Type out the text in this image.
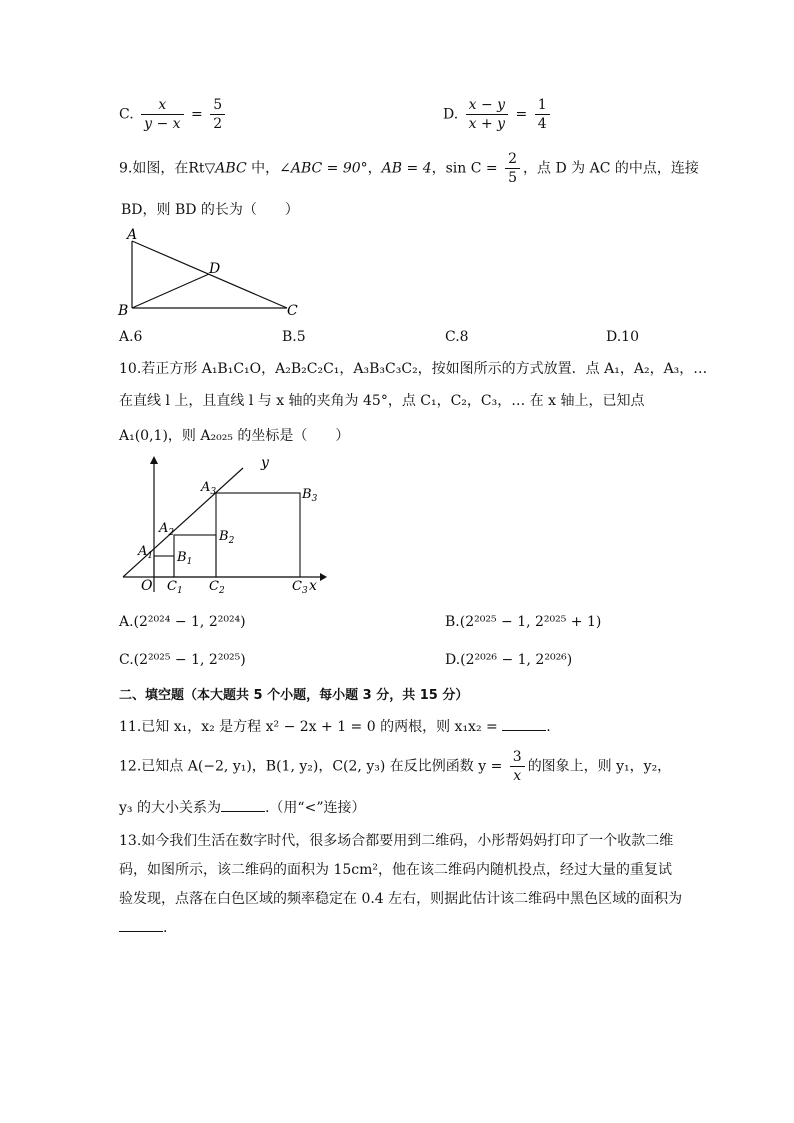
C. $\frac{x}{y - x} = \frac{5}{2}$	D. $\frac{x - y}{x + y} = \frac{1}{4}$
9.如图，在Rt▽ABC 中，∠ABC = 90°，AB = 4，$\sin C = \frac{2}{5}$ ，点 D 为 AC 的中点，连接
BD，则 BD 的长为（　　）
A
B	C
D
A.6	B.5	C.8	D.10
10.若正方形 A₁B₁C₁O，A₂B₂C₂C₁，A₃B₃C₃C₂，按如图所示的方式放置．点 A₁，A₂，A₃，…
在直线 l 上，且直线 l 与 x 轴的夹角为 45°，点 C₁，C₂，C₃，… 在 x 轴上，已知点
A₁(0,1)，则 A₂₀₂₅ 的坐标是（　　）
y
x
O
$A_1$
$A_2$
$A_3$
$B_1$
$B_2$
$B_3$
$C_1$ $C_2$	$C_3$
A.(2²⁰²⁴ − 1, 2²⁰²⁴)	B.(2²⁰²⁵ − 1, 2²⁰²⁵ + 1)
C.(2²⁰²⁵ − 1, 2²⁰²⁵)	D.(2²⁰²⁶ − 1, 2²⁰²⁶)
二、填空题（本大题共 5 个小题，每小题 3 分，共 15 分）
11.已知 x₁，x₂ 是方程 x² − 2x + 1 = 0 的两根，则 x₁x₂ =	.
12.已知点 A(−2, y₁)，B(1, y₂)，C(2, y₃) 在反比例函数 $y = \frac{3}{x}$ 的图象上，则 y₁，y₂，
y₃ 的大小关系为	.（用“<”连接）
13.如今我们生活在数字时代，很多场合都要用到二维码，小彤帮妈妈打印了一个收款二维
码，如图所示，该二维码的面积为 15cm²，他在该二维码内随机投点，经过大量的重复试
验发现，点落在白色区域的频率稳定在 0.4 左右，则据此估计该二维码中黑色区域的面积为
.
